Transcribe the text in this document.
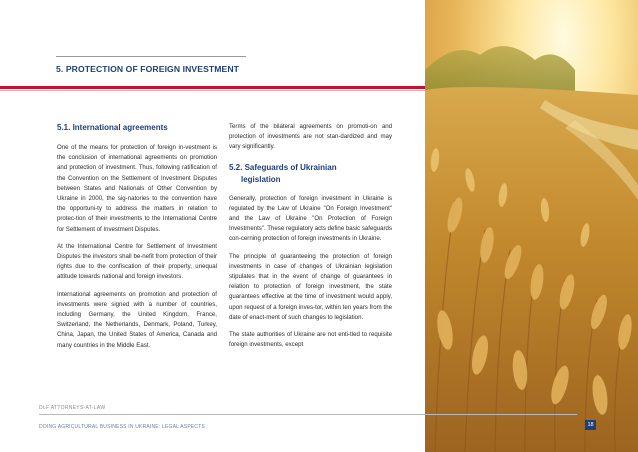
5. PROTECTION OF FOREIGN INVESTMENT
5.1. International agreements

One of the means for protection of foreign in-vestment is the conclusion of international agreements on promotion and protection of investment. Thus, following ratification of the Convention on the Settlement of Investment Disputes between States and Nationals of Other Convention by Ukraine in 2000, the sig-natories to the convention have the opportuni-ty to address the matters in relation to protec-tion of their investments to the International Centre for Settlement of Investment Disputes.

At the International Centre for Settlement of Investment Disputes the investors shall be-nefit from protection of their rights due to the confiscation of their property, unequal attitude towards national and foreign investors.

International agreements on promotion and protection of investments were signed with a number of countries, including Germany, the United Kingdom, France, Switzerland, the Netherlands, Denmark, Poland, Turkey, China, Japan, the United States of America, Canada and many countries in the Middle East.

Terms of the bilateral agreements on promoti-on and protection of investments are not stan-dardized and may vary significantly.

5.2. Safeguards of Ukrainian
legislation

Generally, protection of foreign investment in Ukraine is regulated by the Law of Ukraine "On Foreign Investment" and the Law of Ukraine "On Protection of Foreign Investments". These regulatory acts define basic safeguards con-cerning protection of foreign investments in Ukraine.

The principle of guaranteeing the protection of foreign investments in case of changes of Ukrainian legislation stipulates that in the event of change of guarantees in relation to protection of foreign investment, the state guarantees effective at the time of investment would apply, upon request of a foreign inves-tor, within ten years from the date of enact-ment of such changes to legislation.

The state authorities of Ukraine are not enti-tled to requisite foreign investments, except

DLF ATTORNEYS-AT-LAW
DOING AGRICULTURAL BUSINESS IN UKRAINE: LEGAL ASPECTS	18
